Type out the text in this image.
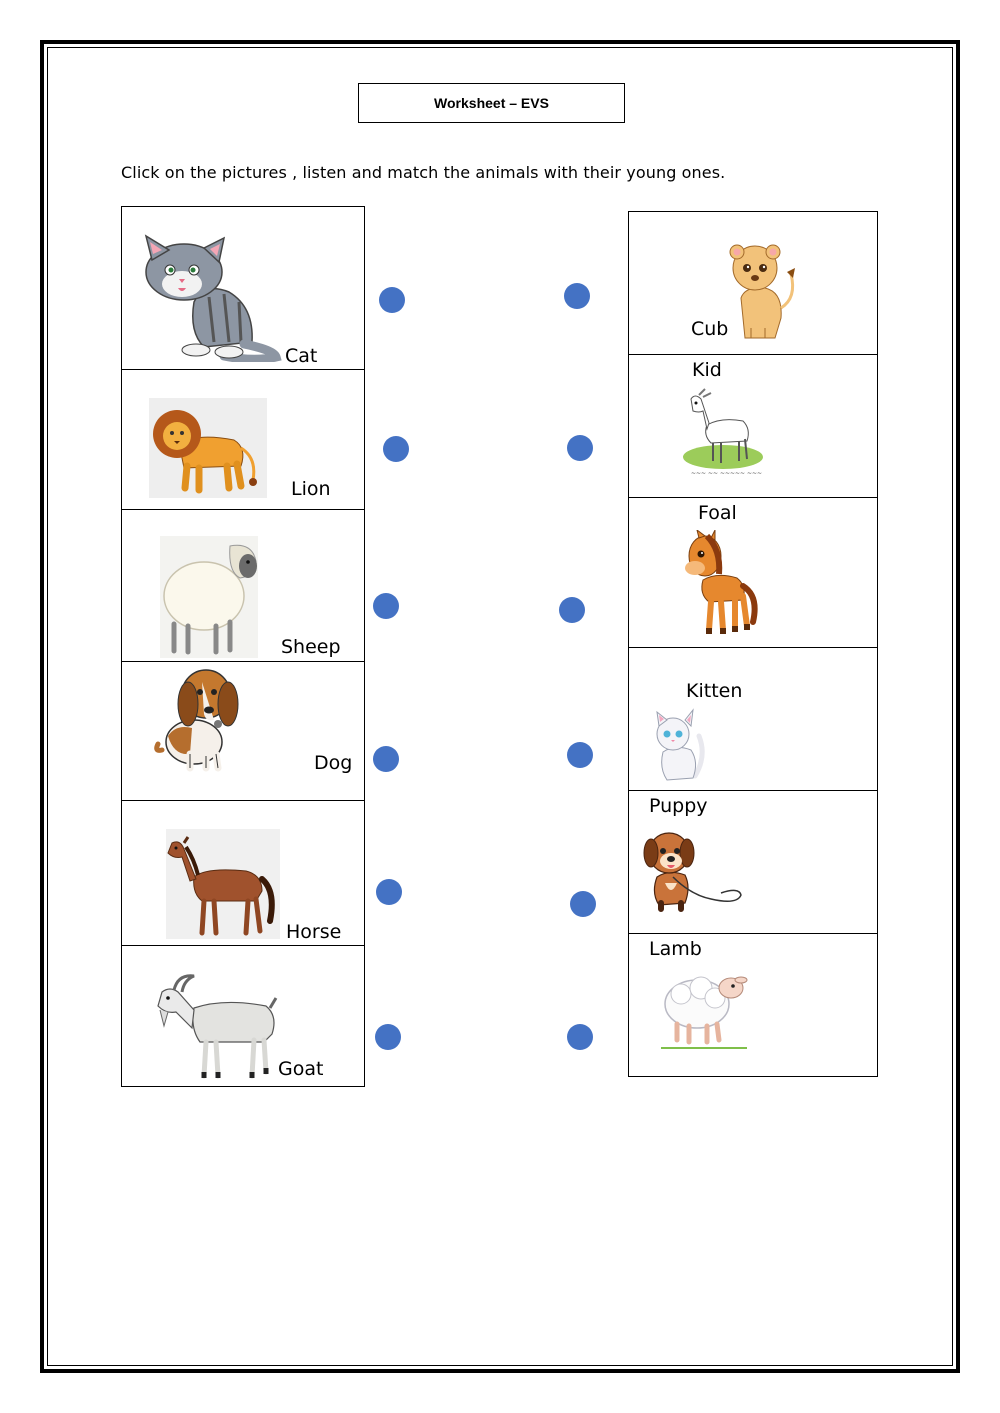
Worksheet – EVS
Click on the pictures , listen and match the animals with their young ones.
Cat
Lion
Sheep
Dog
Horse
Goat
Cub
Kid
~~~ ~~ ~~~~~ ~~~
Foal
Kitten
Puppy
Lamb
